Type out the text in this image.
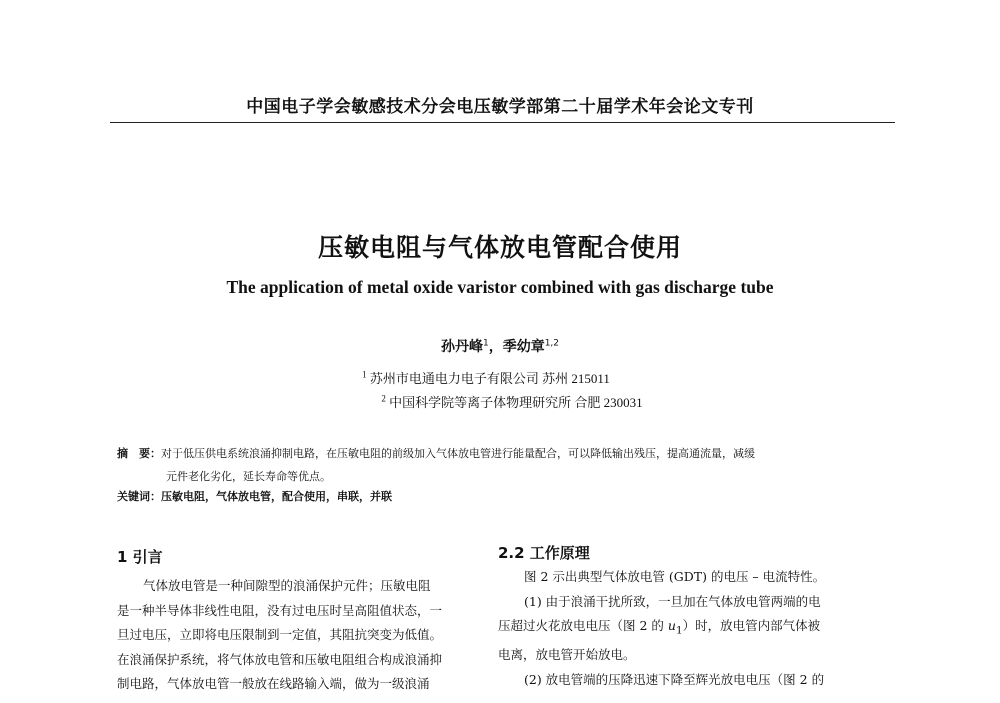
中国电子学会敏感技术分会电压敏学部第二十届学术年会论文专刊
压敏电阻与气体放电管配合使用
The application of metal oxide varistor combined with gas discharge tube
孙丹峰$^1$，季幼章$^{1,2}$
$^1$ 苏州市电通电力电子有限公司 苏州 215011
$^2$ 中国科学院等离子体物理研究所 合肥 230031
摘　要：对于低压供电系统浪涌抑制电路，在压敏电阻的前级加入气体放电管进行能量配合，可以降低输出残压，提高通流量，减缓
元件老化劣化，延长寿命等优点。
关键词：压敏电阻，气体放电管，配合使用，串联，并联
1 引言

气体放电管是一种间隙型的浪涌保护元件；压敏电阻

是一种半导体非线性电阻，没有过电压时呈高阻值状态，一

旦过电压，立即将电压限制到一定值，其阻抗突变为低值。

在浪涌保护系统，将气体放电管和压敏电阻组合构成浪涌抑

制电路，气体放电管一般放在线路输入端，做为一级浪涌

2.2 工作原理

图 2 示出典型气体放电管 (GDT) 的电压 – 电流特性。

(1) 由于浪涌干扰所致，一旦加在气体放电管两端的电

压超过火花放电电压（图 2 的 $u_1$）时，放电管内部气体被

电离，放电管开始放电。

(2) 放电管端的压降迅速下降至辉光放电电压（图 2 的
